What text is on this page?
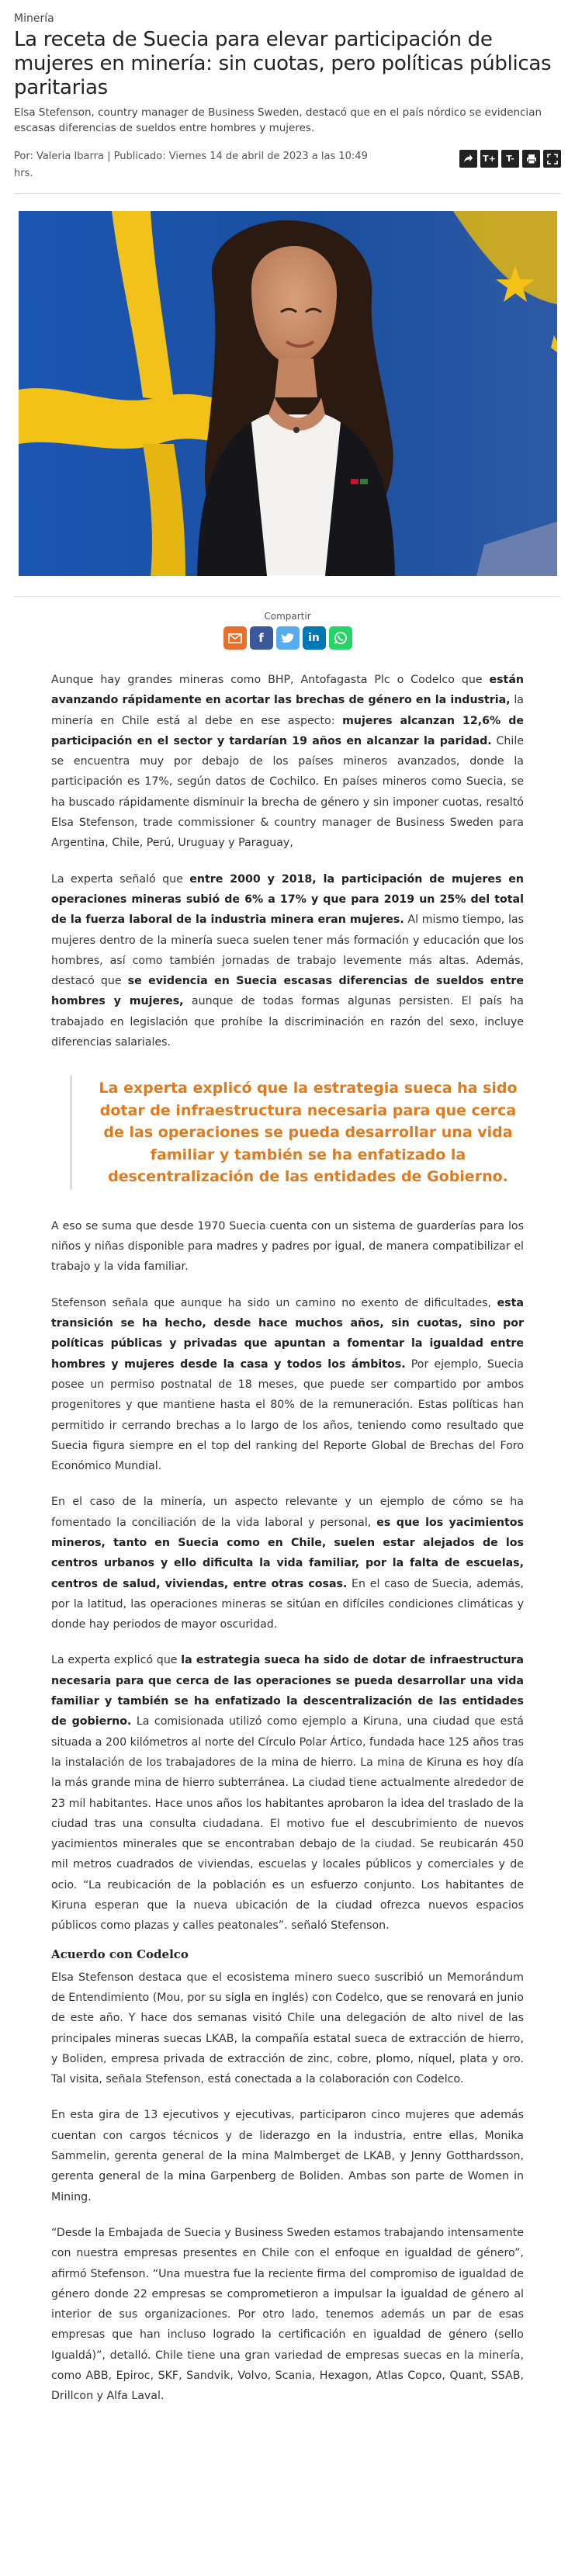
Minería
La receta de Suecia para elevar participación de mujeres en minería: sin cuotas, pero políticas públicas paritarias
Elsa Stefenson, country manager de Business Sweden, destacó que en el país nórdico se evidencian escasas diferencias de sueldos entre hombres y mujeres.
Por: Valeria Ibarra | Publicado: Viernes 14 de abril de 2023 a las 10:49 hrs.
T+	T-
Compartir
f	in

Aunque hay grandes mineras como BHP, Antofagasta Plc o Codelco que están avanzando rápidamente en acortar las brechas de género en la industria, la minería en Chile está al debe en ese aspecto: mujeres alcanzan 12,6% de participación en el sector y tardarían 19 años en alcanzar la paridad. Chile se encuentra muy por debajo de los países mineros avanzados, donde la participación es 17%, según datos de Cochilco. En países mineros como Suecia, se ha buscado rápidamente disminuir la brecha de género y sin imponer cuotas, resaltó Elsa Stefenson, trade commissioner & country manager de Business Sweden para Argentina, Chile, Perú, Uruguay y Paraguay,

La experta señaló que entre 2000 y 2018, la participación de mujeres en operaciones mineras subió de 6% a 17% y que para 2019 un 25% del total de la fuerza laboral de la industria minera eran mujeres. Al mismo tiempo, las mujeres dentro de la minería sueca suelen tener más formación y educación que los hombres, así como también jornadas de trabajo levemente más altas. Además, destacó que se evidencia en Suecia escasas diferencias de sueldos entre hombres y mujeres, aunque de todas formas algunas persisten. El país ha trabajado en legislación que prohíbe la discriminación en razón del sexo, incluye diferencias salariales.

La experta explicó que la estrategia sueca ha sido dotar de infraestructura necesaria para que cerca de las operaciones se pueda desarrollar una vida familiar y también se ha enfatizado la descentralización de las entidades de Gobierno.

A eso se suma que desde 1970 Suecia cuenta con un sistema de guarderías para los niños y niñas disponible para madres y padres por igual, de manera compatibilizar el trabajo y la vida familiar.

Stefenson señala que aunque ha sido un camino no exento de dificultades, esta transición se ha hecho, desde hace muchos años, sin cuotas, sino por políticas públicas y privadas que apuntan a fomentar la igualdad entre hombres y mujeres desde la casa y todos los ámbitos. Por ejemplo, Suecia posee un permiso postnatal de 18 meses, que puede ser compartido por ambos progenitores y que mantiene hasta el 80% de la remuneración. Estas políticas han permitido ir cerrando brechas a lo largo de los años, teniendo como resultado que Suecia figura siempre en el top del ranking del Reporte Global de Brechas del Foro Económico Mundial.

En el caso de la minería, un aspecto relevante y un ejemplo de cómo se ha fomentado la conciliación de la vida laboral y personal, es que los yacimientos mineros, tanto en Suecia como en Chile, suelen estar alejados de los centros urbanos y ello dificulta la vida familiar, por la falta de escuelas, centros de salud, viviendas, entre otras cosas. En el caso de Suecia, además, por la latitud, las operaciones mineras se sitúan en difíciles condiciones climáticas y donde hay periodos de mayor oscuridad.

La experta explicó que la estrategia sueca ha sido de dotar de infraestructura necesaria para que cerca de las operaciones se pueda desarrollar una vida familiar y también se ha enfatizado la descentralización de las entidades de gobierno. La comisionada utilizó como ejemplo a Kiruna, una ciudad que está situada a 200 kilómetros al norte del Círculo Polar Ártico, fundada hace 125 años tras la instalación de los trabajadores de la mina de hierro. La mina de Kiruna es hoy día la más grande mina de hierro subterránea. La ciudad tiene actualmente alrededor de 23 mil habitantes. Hace unos años los habitantes aprobaron la idea del traslado de la ciudad tras una consulta ciudadana. El motivo fue el descubrimiento de nuevos yacimientos minerales que se encontraban debajo de la ciudad. Se reubicarán 450 mil metros cuadrados de viviendas, escuelas y locales públicos y comerciales y de ocio. “La reubicación de la población es un esfuerzo conjunto. Los habitantes de Kiruna esperan que la nueva ubicación de la ciudad ofrezca nuevos espacios públicos como plazas y calles peatonales”. señaló Stefenson.

Acuerdo con Codelco

Elsa Stefenson destaca que el ecosistema minero sueco suscribió un Memorándum de Entendimiento (Mou, por su sigla en inglés) con Codelco, que se renovará en junio de este año. Y hace dos semanas visitó Chile una delegación de alto nivel de las principales mineras suecas LKAB, la compañía estatal sueca de extracción de hierro, y Boliden, empresa privada de extracción de zinc, cobre, plomo, níquel, plata y oro. Tal visita, señala Stefenson, está conectada a la colaboración con Codelco.

En esta gira de 13 ejecutivos y ejecutivas, participaron cinco mujeres que además cuentan con cargos técnicos y de liderazgo en la industria, entre ellas, Monika Sammelin, gerenta general de la mina Malmberget de LKAB, y Jenny Gotthardsson, gerenta general de la mina Garpenberg de Boliden. Ambas son parte de Women in Mining.

“Desde la Embajada de Suecia y Business Sweden estamos trabajando intensamente con nuestra empresas presentes en Chile con el enfoque en igualdad de género”, afirmó Stefenson. “Una muestra fue la reciente firma del compromiso de igualdad de género donde 22 empresas se comprometieron a impulsar la igualdad de género al interior de sus organizaciones. Por otro lado, tenemos además un par de esas empresas que han incluso logrado la certificación en igualdad de género (sello Igualdá)”, detalló. Chile tiene una gran variedad de empresas suecas en la minería, como ABB, Epiroc, SKF, Sandvik, Volvo, Scania, Hexagon, Atlas Copco, Quant, SSAB, Drillcon y Alfa Laval.
